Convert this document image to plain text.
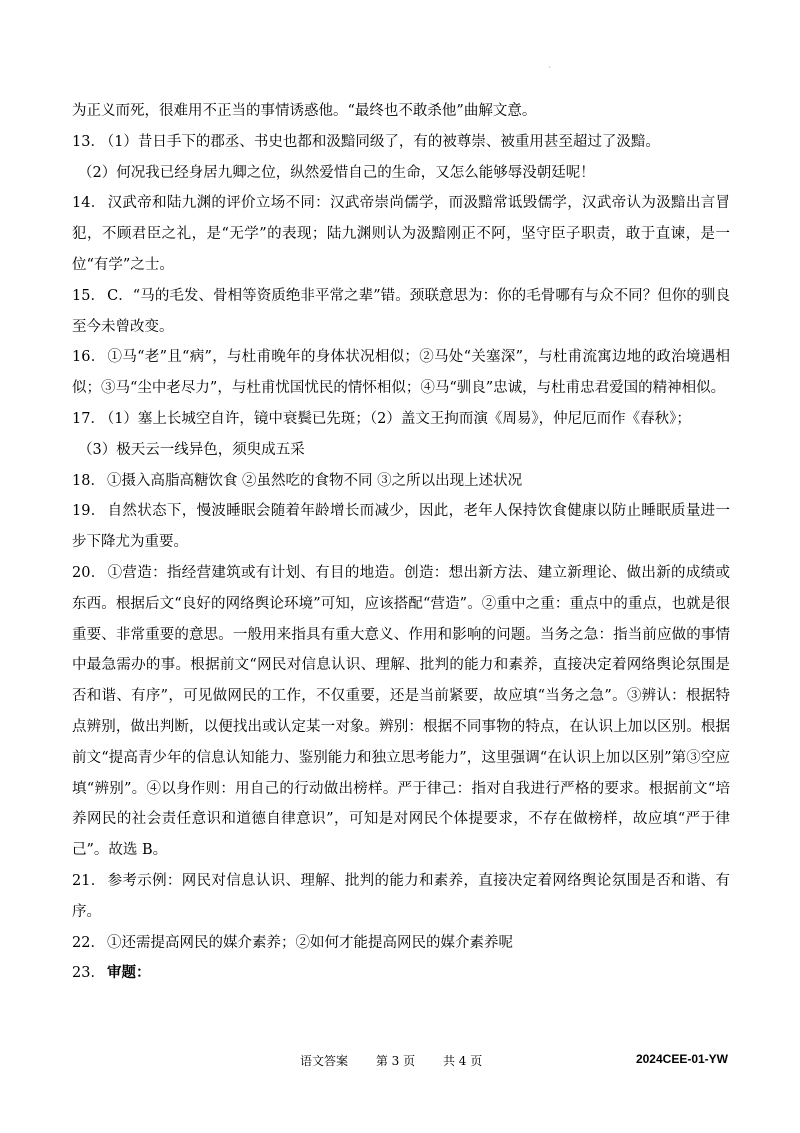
`

为正义而死，很难用不正当的事情诱惑他。“最终也不敢杀他”曲解文意。

13． （1）昔日手下的郡丞、书史也都和汲黯同级了，有的被尊崇、被重用甚至超过了汲黯。

（2）何况我已经身居九卿之位，纵然爱惜自己的生命，又怎么能够辱没朝廷呢！

14． 汉武帝和陆九渊的评价立场不同：汉武帝崇尚儒学，而汲黯常诋毁儒学，汉武帝认为汲黯出言冒犯，不顾君臣之礼，是“无学”的表现；陆九渊则认为汲黯刚正不阿，坚守臣子职责，敢于直谏，是一位“有学”之士。

15． C．“马的毛发、骨相等资质绝非平常之辈”错。颈联意思为：你的毛骨哪有与众不同？但你的驯良至今未曾改变。

16． ①马“老”且“病”，与杜甫晚年的身体状况相似；②马处“关塞深”，与杜甫流寓边地的政治境遇相似；③马“尘中老尽力”，与杜甫忧国忧民的情怀相似；④马“驯良”忠诚，与杜甫忠君爱国的精神相似。

17． （1）塞上长城空自许，镜中衰鬓已先斑；（2）盖文王拘而演《周易》，仲尼厄而作《春秋》；

（3）极天云一线异色，须臾成五采

18． ①摄入高脂高糖饮食 ②虽然吃的食物不同 ③之所以出现上述状况

19． 自然状态下，慢波睡眠会随着年龄增长而减少，因此，老年人保持饮食健康以防止睡眠质量进一步下降尤为重要。

20． ①营造：指经营建筑或有计划、有目的地造。创造：想出新方法、建立新理论、做出新的成绩或东西。根据后文“良好的网络舆论环境”可知，应该搭配“营造”。②重中之重：重点中的重点，也就是很重要、非常重要的意思。一般用来指具有重大意义、作用和影响的问题。当务之急：指当前应做的事情中最急需办的事。根据前文“网民对信息认识、理解、批判的能力和素养，直接决定着网络舆论氛围是否和谐、有序”，可见做网民的工作，不仅重要，还是当前紧要，故应填“当务之急”。③辨认：根据特点辨别，做出判断，以便找出或认定某一对象。辨别：根据不同事物的特点，在认识上加以区别。根据前文“提高青少年的信息认知能力、鉴别能力和独立思考能力”，这里强调“在认识上加以区别”第③空应填“辨别”。④以身作则：用自己的行动做出榜样。严于律己：指对自我进行严格的要求。根据前文“培养网民的社会责任意识和道德自律意识”，可知是对网民个体提要求，不存在做榜样，故应填“严于律己”。故选 B。

21． 参考示例：网民对信息认识、理解、批判的能力和素养，直接决定着网络舆论氛围是否和谐、有序。

22． ①还需提高网民的媒介素养；②如何才能提高网民的媒介素养呢

23． 审题：

语文答案 第 3 页 共 4 页	2024CEE-01-YW
